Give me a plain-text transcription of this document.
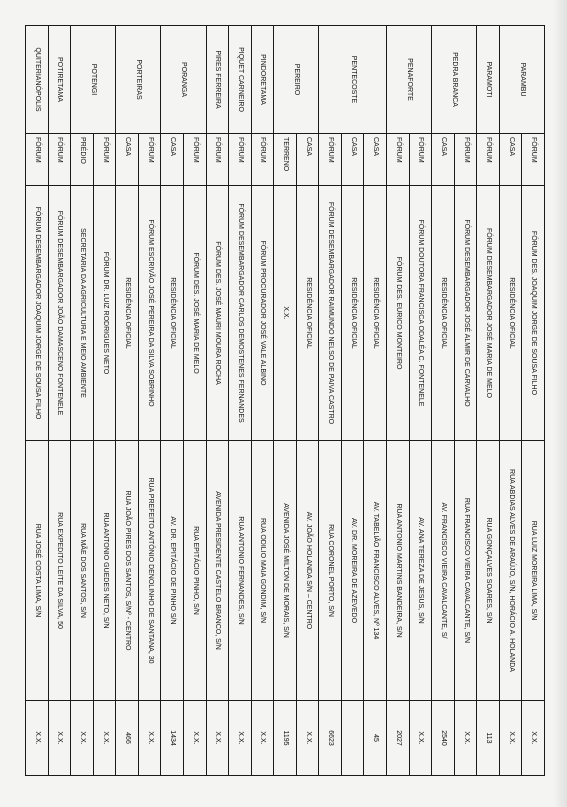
PARAMBU	FÓRUM	FÓRUM DES. JOAQUIM JORGE DE SOUSA FILHO	RUA LUIZ MOREIRA LIMA, S/N	X.X.
	CASA	RESIDÊNCIA OFICIAL	RUA ABDIAS ALVES DE ARAÚJO, S/N, HORÁCIO A. HOLANDA	X.X.
PARAMOTI	FÓRUM	FÓRUM DESEMBARGADOR JOSÉ MARIA DE MELO	RUA GONÇALVES SOARES, S/N	113
PEDRA BRANCA	FÓRUM	FÓRUM DESEMBARGADOR JOSÉ ALMIR DE CARVALHO	RUA FRANCISCO VIEIRA CAVALCANTE, S/N	X.X.
	CASA	RESIDÊNCIA OFICIAL	AV. FRANCISCO VIEIRA CAVALCANTE, S/	2540
PENAFORTE	FÓRUM	FÓRUM DOUTORA FRANCISCA ODALÉA C. FONTENELE	AV. ANA TEREZA DE JESUS, S/N	X.X.
	FÓRUM	FÓRUM DES. EURICO MONTEIRO	RUA ANTONIO MARTINS BANDEIRA, S/N	2027
PENTECOSTE	CASA	RESIDÊNCIA OFICIAL	AV. TABELIÃO FRANCISCO ALVES, Nº 134	45
	CASA	RESIDÊNCIA OFICIAL	AV. DR. MOREIRA DE AZEVEDO	
	FÓRUM	FÓRUM DESEMBARGADOR RAIMUNDO NELSO DE PAIVA CASTRO	RUA CORONEL PORTO, S/N	6623
PEREIRO	CASA	RESIDÊNCIA OFICIAL	AV. JOÃO HOLANDA S/N – CENTRO	X.X.
	TERRENO	X.X.	AVENIDA JOSÉ MILTON DE MORAIS, S/N	1195
PINDORETAMA	FÓRUM	FÓRUM PROCURADOR JOSÉ VALE ALBINO	RUA ODILIO MAIA GONDIM, S/N	X.X.
PIQUET CARNEIRO	FÓRUM	FÓRUM DESEMBARGADOR CARLOS DEMOSTENES FERNANDES	RUA ANTONIO FERNANDES, S/N	X.X.
PIRES FERREIRA	FÓRUM	FÓRUM DES. JOSÉ MAURI MOURA ROCHA	AVENIDA PRESIDENTE CASTELO BRANCO, S/N	X.X.
PORANGA	FÓRUM	FÓRUM DES. JOSÉ MARIA DE MELO	RUA EPITÁCIO PINHO, S/N	X.X.
	CASA	RESIDÊNCIA OFICIAL	AV. DR. EPITÁCIO DE PINHO S/N	1434
PORTEIRAS	FÓRUM	FÓRUM ESCRIVÃO JOSÉ PEREIRA DA SILVA SOBRINHO	RUA PREFEITO ANTÔNIO DENOLINHO DE SANTANA, 30	X.X.
	CASA	RESIDÊNCIA OFICIAL	RUA JOÃO PIRES DOS SANTOS, S/Nº - CENTRO	466
POTENGI	FÓRUM	FÓRUM DR. LUIZ RODRIGUES NETO	RUA ANTONIO GUEDES NETO, S/N	X.X.
	PRÉDIO	SECRETARIA DA AGRICULTURA E MEIO AMBIENTE	RUA MÃE DOS SANTOS, S/N	X.X.
POTIRETAMA	FÓRUM	FÓRUM DESEMBARGADOR JOÃO DAMASCENO FONTENELE	RUA EXPEDITO LEITE DA SILVA, 50	X.X.
QUITERIANÓPOLIS	FÓRUM	FÓRUM DESEMBARGADOR JOAQUIM JORGE DE SOUSA FILHO	RUA JOSÉ COSTA LIMA, S/N	X.X.
